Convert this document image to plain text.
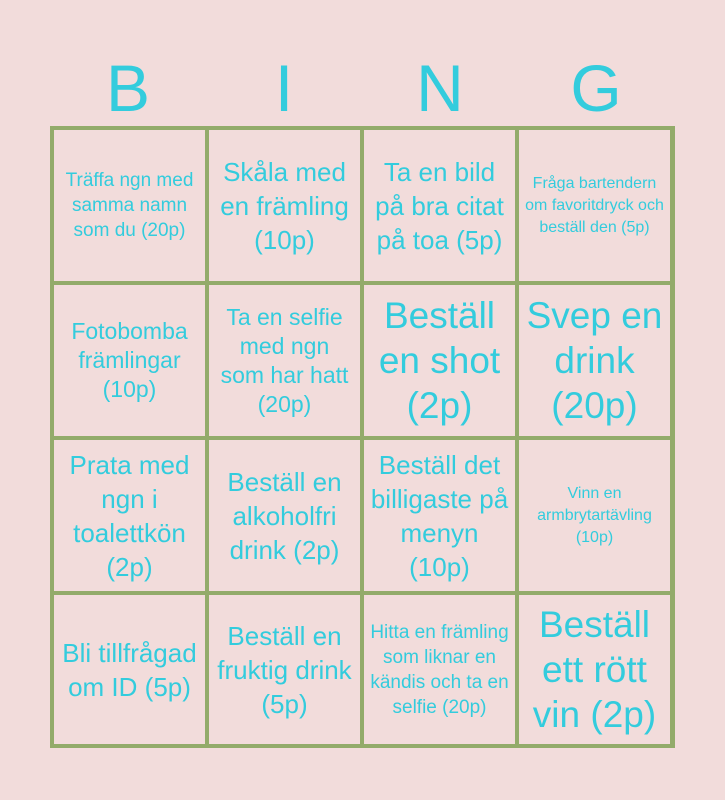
B	I	N	G
Träffa ngn med samma namn som du (20p)
Skåla med en främling (10p)
Ta en bild på bra citat på toa (5p)
Fråga bartendern om favoritdryck och beställ den (5p)
Fotobomba främlingar (10p)
Ta en selfie med ngn som har hatt (20p)
Beställ en shot (2p)
Svep en drink (20p)
Prata med ngn i toalettkön (2p)
Beställ en alkoholfri drink (2p)
Beställ det billigaste på menyn (10p)
Vinn en armbrytartävling (10p)
Bli tillfrågad om ID (5p)
Beställ en fruktig drink (5p)
Hitta en främling som liknar en kändis och ta en selfie (20p)
Beställ ett rött vin (2p)
